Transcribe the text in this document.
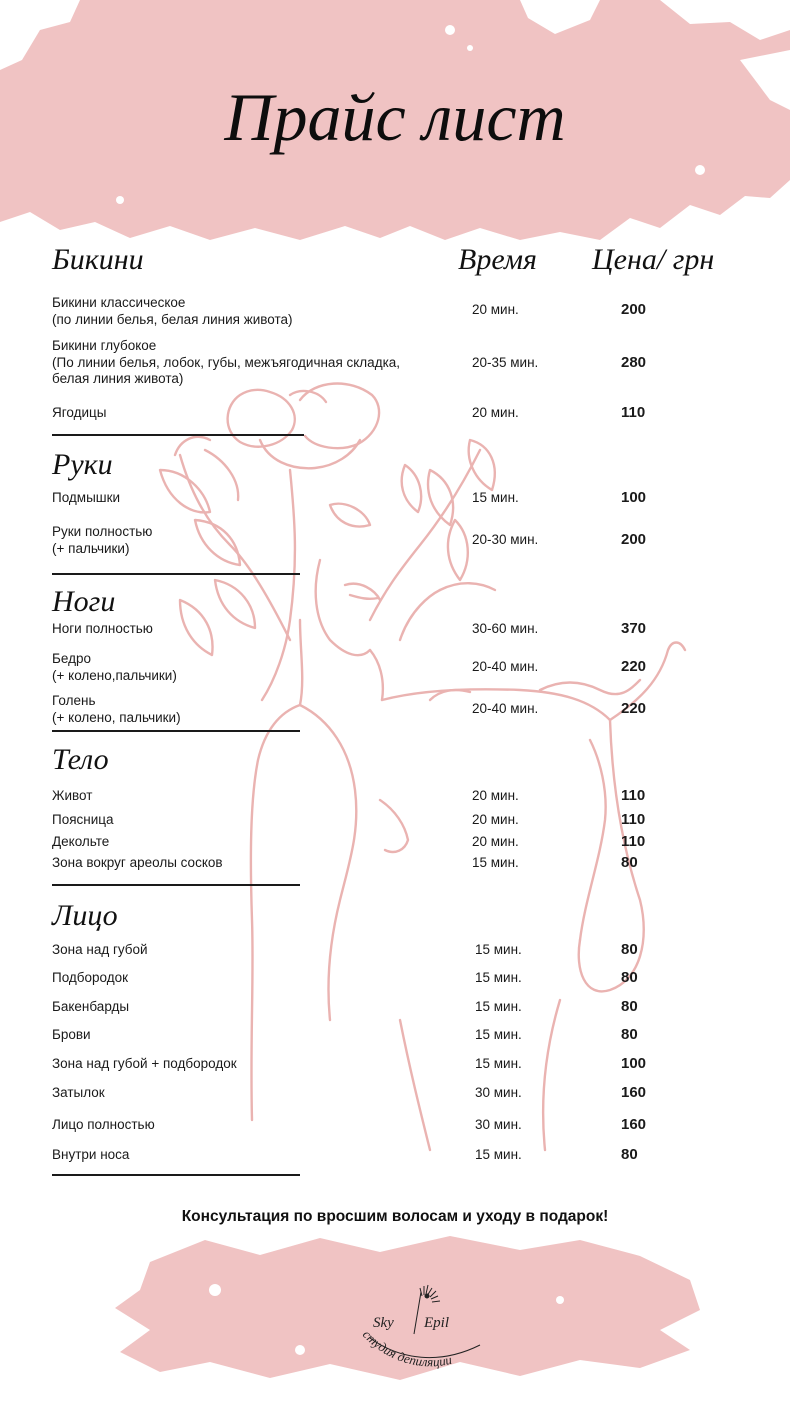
Прайс лист
Бикини	Время Цена/ грн
Бикини классическое
(по линии белья, белая линия живота)
20 мин.	200
Бикини глубокое
(По линии белья, лобок, губы, межъягодичная складка,
белая линия живота)
20-35 мин.	280
Ягодицы	20 мин.	110
Руки
Подмышки	15 мин.	100
Руки полностью
(+ пальчики)
20-30 мин.	200
Ноги
Ноги полностью	30-60 мин.	370
Бедро
(+ колено,пальчики)
20-40 мин.	220
Голень
(+ колено, пальчики)
20-40 мин.	220
Тело
Живот	20 мин.	110
Поясница	20 мин.	110
Декольте	20 мин.	110
Зона вокруг ареолы сосков	15 мин.	80
Лицо
Зона над губой	15 мин.	80
Подбородок	15 мин.	80
Бакенбарды	15 мин.	80
Брови	15 мин.	80
Зона над губой + подбородок	15 мин.	100
Затылок	30 мин.	160
Лицо полностью	30 мин.	160
Внутри носа	15 мин.	80
Консультация по вросшим волосам и уходу в подарок!
Sky Epil
студия депиляции
